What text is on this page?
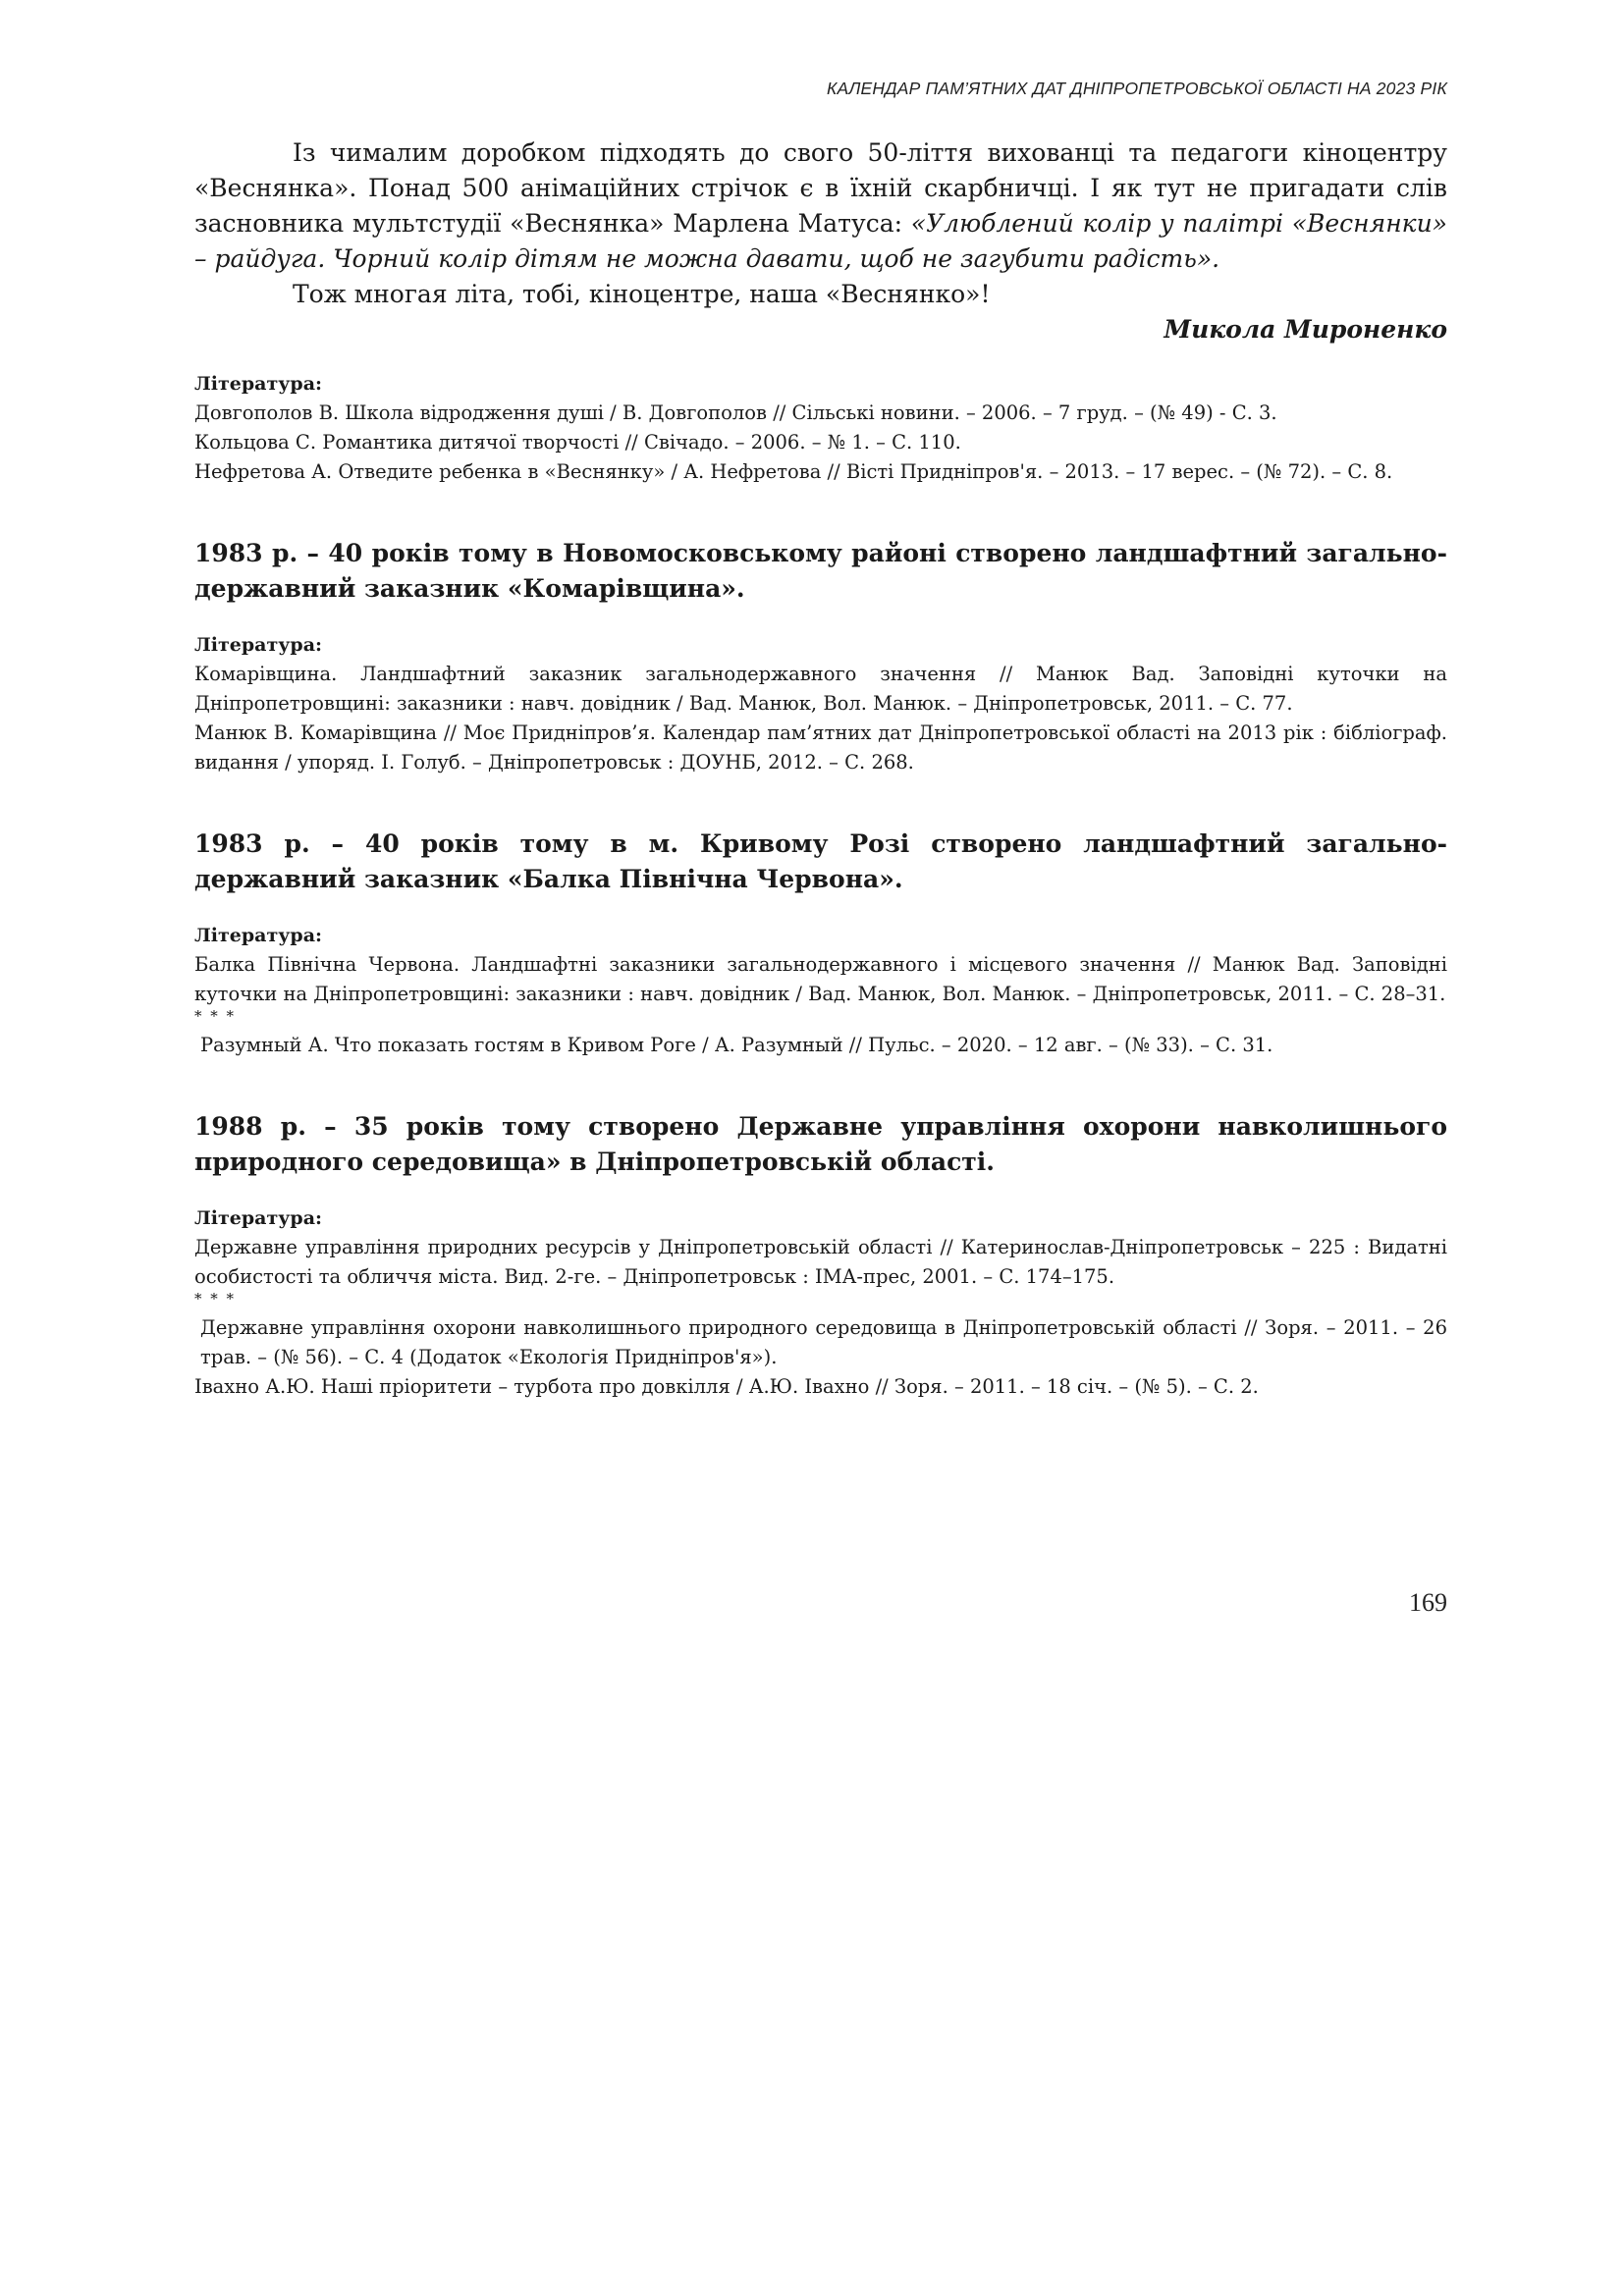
КАЛЕНДАР ПАМ’ЯТНИХ ДАТ ДНІПРОПЕТРОВСЬКОЇ ОБЛАСТІ НА 2023 РІК

Із чималим доробком підходять до свого 50-ліття вихованці та педагоги кіноцентру «Веснянка». Понад 500 анімаційних стрічок є в їхній скарбничці. І як тут не пригадати слів засновника мультстудії «Веснянка» Марлена Матуса: «Улюблений колір у палітрі «Веснянки» – райдуга. Чорний колір дітям не можна давати, щоб не загубити радість».

Тож многая літа, тобі, кіноцентре, наша «Веснянко»!

Микола Мироненко

Література:

Довгополов В. Школа відродження душі / В. Довгополов // Сільські новини. – 2006. – 7 груд. – (№ 49) - С. 3.

Кольцова С. Романтика дитячої творчості // Свічадо. – 2006. – № 1. – С. 110.

Нефретова А. Отведите ребенка в «Веснянку» / А. Нефретова // Вісті Придніпров'я. – 2013. – 17 верес. – (№ 72). – С. 8.

1983 р. – 40 років тому в Новомосковському районі створено ландшафтний загально-державний заказник «Комарівщина».

Література:

Комарівщина. Ландшафтний заказник загальнодержавного значення // Манюк Вад. Заповідні куточки на Дніпропетровщині: заказники : навч. довідник / Вад. Манюк, Вол. Манюк. – Дніпропетровськ, 2011. – С. 77.

Манюк В. Комарівщина // Моє Придніпров’я. Календар пам’ятних дат Дніпропетровської області на 2013 рік : бібліограф. видання / упоряд. І. Голуб. – Дніпропетровськ : ДОУНБ, 2012. – С. 268.

1983 р. – 40 років тому в м. Кривому Розі створено ландшафтний загально-державний заказник «Балка Північна Червона».

Література:

Балка Північна Червона. Ландшафтні заказники загальнодержавного і місцевого значення // Манюк Вад. Заповідні куточки на Дніпропетровщині: заказники : навч. довідник / Вад. Манюк, Вол. Манюк. – Дніпропетровськ, 2011. – С. 28–31.

* * *

Разумный А. Что показать гостям в Кривом Роге / А. Разумный // Пульс. – 2020. – 12 авг. – (№ 33). – С. 31.

1988 р. – 35 років тому створено Державне управління охорони навколишнього природного середовища» в Дніпропетровській області.

Література:

Державне управління природних ресурсів у Дніпропетровській області // Катеринослав-Дніпропетровськ – 225 : Видатні особистості та обличчя міста. Вид. 2-ге. – Дніпропетровськ : ІМА-прес, 2001. – С. 174–175.

* * *

Державне управління охорони навколишнього природного середовища в Дніпропетровській області // Зоря. – 2011. – 26 трав. – (№ 56). – С. 4 (Додаток «Екологія Придніпров'я»).

Івахно А.Ю. Наші пріоритети – турбота про довкілля / А.Ю. Івахно // Зоря. – 2011. – 18 січ. – (№ 5). – С. 2.

169
